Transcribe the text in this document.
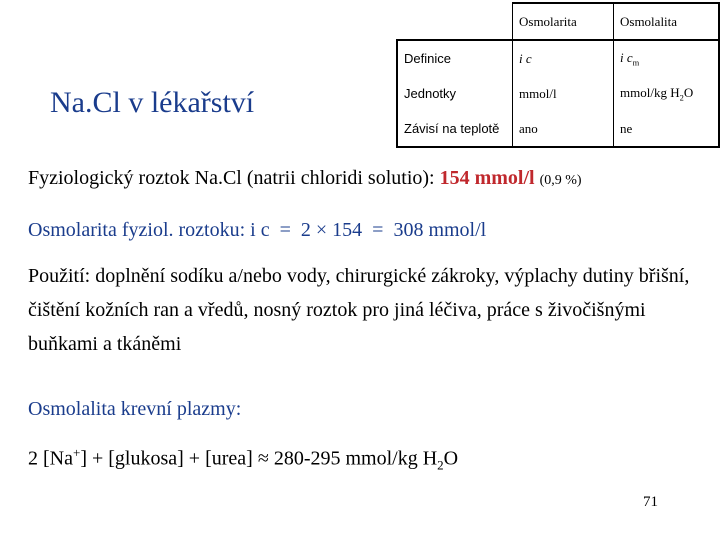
Na.Cl v lékařství
	Osmolarita	Osmolalita
Definice	i c	i $c_m$
Jednotky	mmol/l	mmol/kg $H_2O$
Závisí na teplotě	ano	ne
Fyziologický roztok Na.Cl (natrii chloridi solutio): 154 mmol/l (0,9 %)
Osmolarita fyziol. roztoku: i c  =  2 × 154  =  308 mmol/l
Použití: doplnění sodíku a/nebo vody, chirurgické zákroky, výplachy dutiny břišní, čištění kožních ran a vředů, nosný roztok pro jiná léčiva, práce s živočišnými buňkami a tkáněmi
Osmolalita krevní plazmy:
2 [Na+] + [glukosa] + [urea] ≈ 280-295 mmol/kg $H_2O$
71
